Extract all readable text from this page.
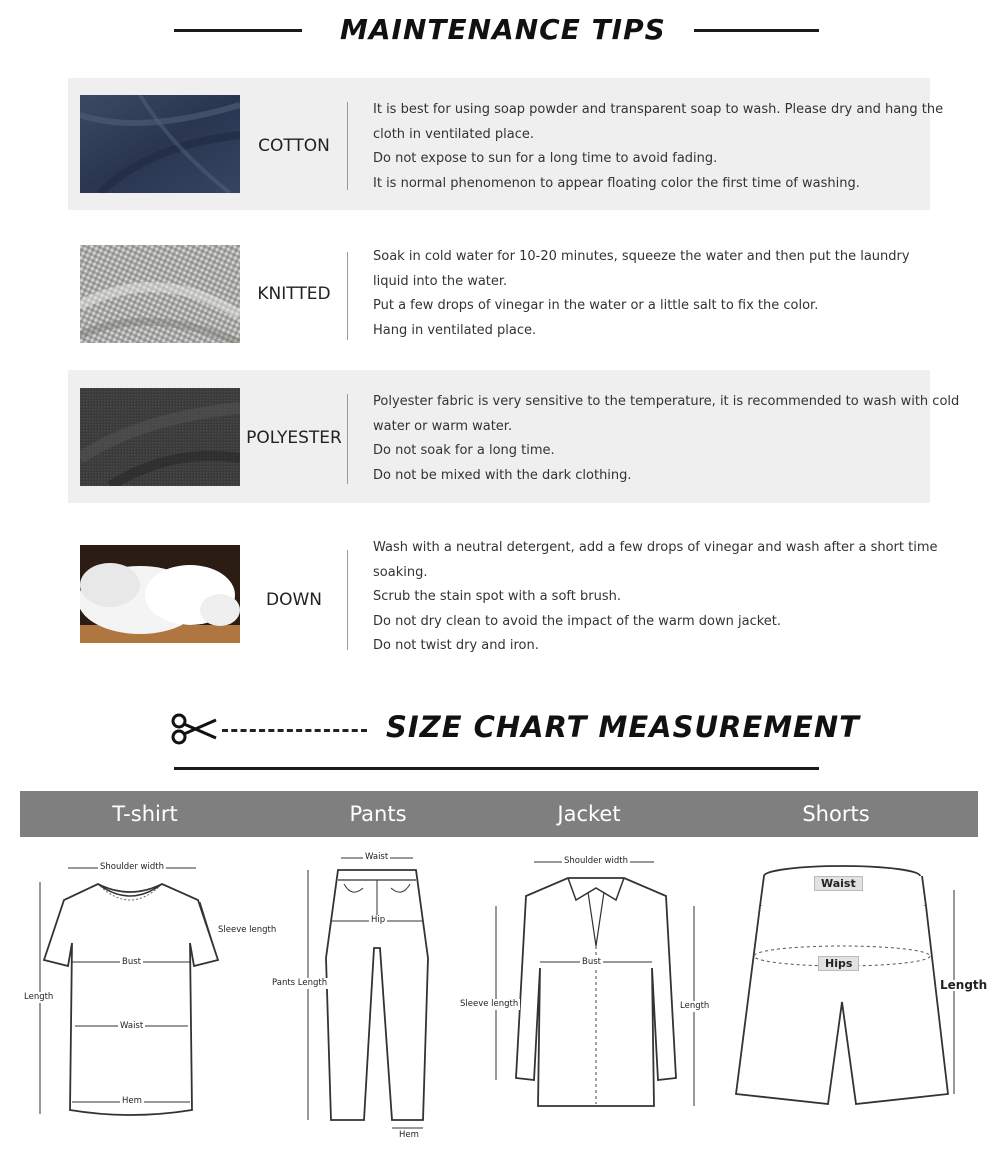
MAINTENANCE TIPS
COTTON
It is best for using soap powder and transparent soap to wash. Please dry and hang the
cloth in ventilated place.
Do not expose to sun for a long time to avoid fading.
It is normal phenomenon to appear floating color the first time of washing.
KNITTED
Soak in cold water for 10-20 minutes, squeeze the water and then put the laundry
liquid into the water.
Put a few drops of vinegar in the water or a little salt to fix the color.
Hang in ventilated place.
POLYESTER
Polyester fabric is very sensitive to the temperature, it is recommended to wash with cold
water or warm water.
Do not soak for a long time.
Do not be mixed with the dark clothing.
DOWN
Wash with a neutral detergent, add a few drops of vinegar and wash after a short time
soaking.
Scrub the stain spot with a soft brush.
Do not dry clean to avoid the impact of the warm down jacket.
Do not twist dry and iron.
SIZE CHART MEASUREMENT
T-shirt	Pants	Jacket	Shorts
Shoulder width
Sleeve length
Bust
Length
Waist
Hem
Waist
Hip
Pants Length
Hem
Shoulder width
Bust
Sleeve length	Length
Waist
Hips
Length
